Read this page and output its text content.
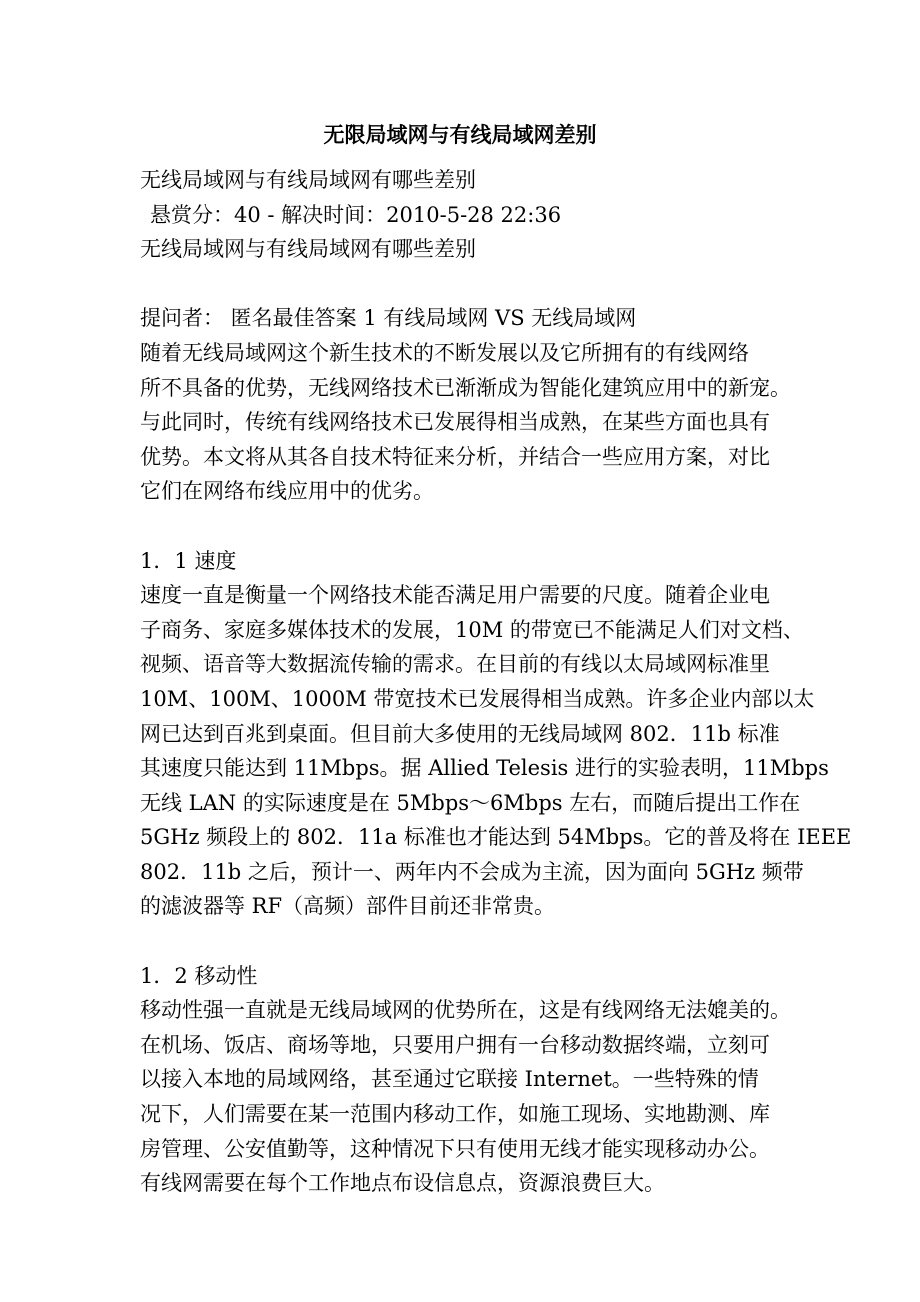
无限局域网与有线局域网差别
无线局域网与有线局域网有哪些差别
悬赏分：40 - 解决时间：2010-5-28 22:36
无线局域网与有线局域网有哪些差别
提问者： 匿名最佳答案 1 有线局域网 VS 无线局域网
随着无线局域网这个新生技术的不断发展以及它所拥有的有线网络
所不具备的优势，无线网络技术已渐渐成为智能化建筑应用中的新宠。
与此同时，传统有线网络技术已发展得相当成熟，在某些方面也具有
优势。本文将从其各自技术特征来分析，并结合一些应用方案，对比
它们在网络布线应用中的优劣。
1．1 速度
速度一直是衡量一个网络技术能否满足用户需要的尺度。随着企业电
子商务、家庭多媒体技术的发展，10M 的带宽已不能满足人们对文档、
视频、语音等大数据流传输的需求。在目前的有线以太局域网标准里
10M、100M、1000M 带宽技术已发展得相当成熟。许多企业内部以太
网已达到百兆到桌面。但目前大多使用的无线局域网 802．11b 标准
其速度只能达到 11Mbps。据 Allied Telesis 进行的实验表明，11Mbps
无线 LAN 的实际速度是在 5Mbps～6Mbps 左右，而随后提出工作在
5GHz 频段上的 802．11a 标准也才能达到 54Mbps。它的普及将在 IEEE
802．11b 之后，预计一、两年内不会成为主流，因为面向 5GHz 频带
的滤波器等 RF（高频）部件目前还非常贵。
1．2 移动性
移动性强一直就是无线局域网的优势所在，这是有线网络无法媲美的。
在机场、饭店、商场等地，只要用户拥有一台移动数据终端，立刻可
以接入本地的局域网络，甚至通过它联接 Internet。一些特殊的情
况下，人们需要在某一范围内移动工作，如施工现场、实地勘测、库
房管理、公安值勤等，这种情况下只有使用无线才能实现移动办公。
有线网需要在每个工作地点布设信息点，资源浪费巨大。
